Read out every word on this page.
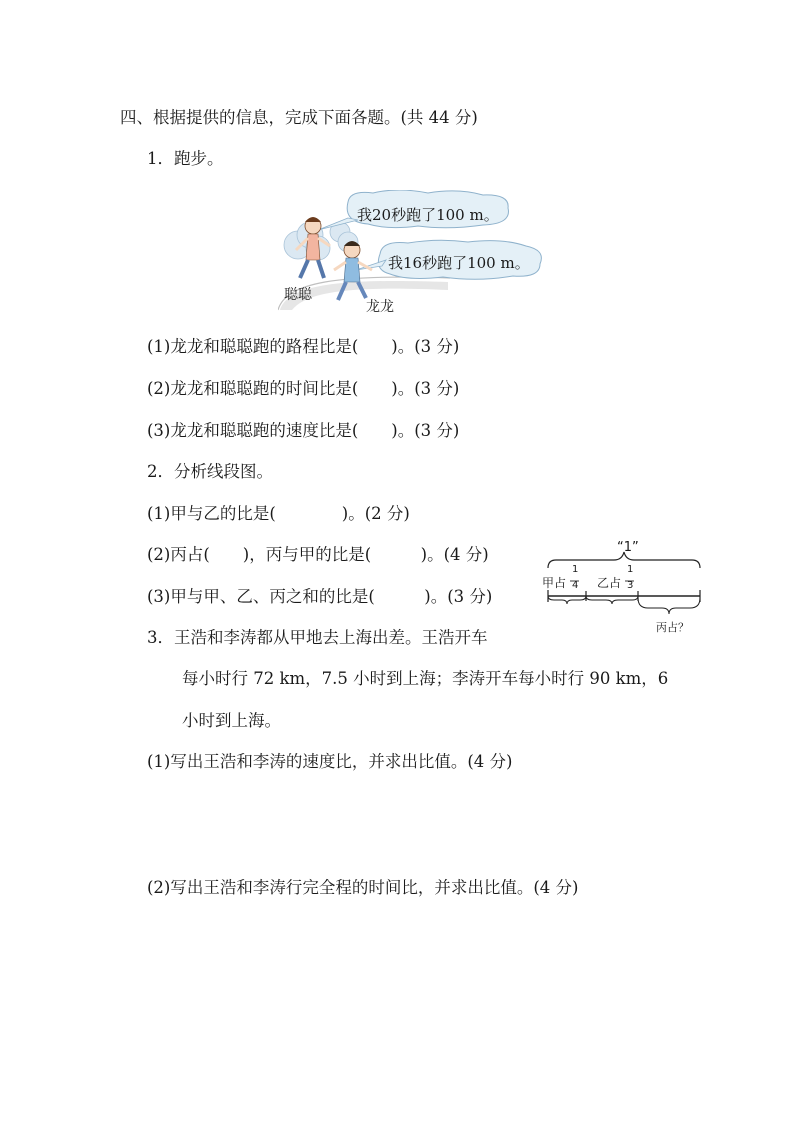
四、根据提供的信息，完成下面各题。(共 44 分)
1．跑步。
我20秒跑了100 m。
我16秒跑了100 m。
聪聪
龙龙
(1)龙龙和聪聪跑的路程比是(　　)。(3 分)
(2)龙龙和聪聪跑的时间比是(　　)。(3 分)
(3)龙龙和聪聪跑的速度比是(　　)。(3 分)
2．分析线段图。
(1)甲与乙的比是(　　　　)。(2 分)
(2)丙占(　　)，丙与甲的比是(　　　)。(4 分)
(3)甲与甲、乙、丙之和的比是(　　　)。(3 分)
“1”
甲占
1
4 乙占
1
3
丙占？
3．王浩和李涛都从甲地去上海出差。王浩开车
每小时行 72 km，7.5 小时到上海；李涛开车每小时行 90 km，6
小时到上海。
(1)写出王浩和李涛的速度比，并求出比值。(4 分)
(2)写出王浩和李涛行完全程的时间比，并求出比值。(4 分)
